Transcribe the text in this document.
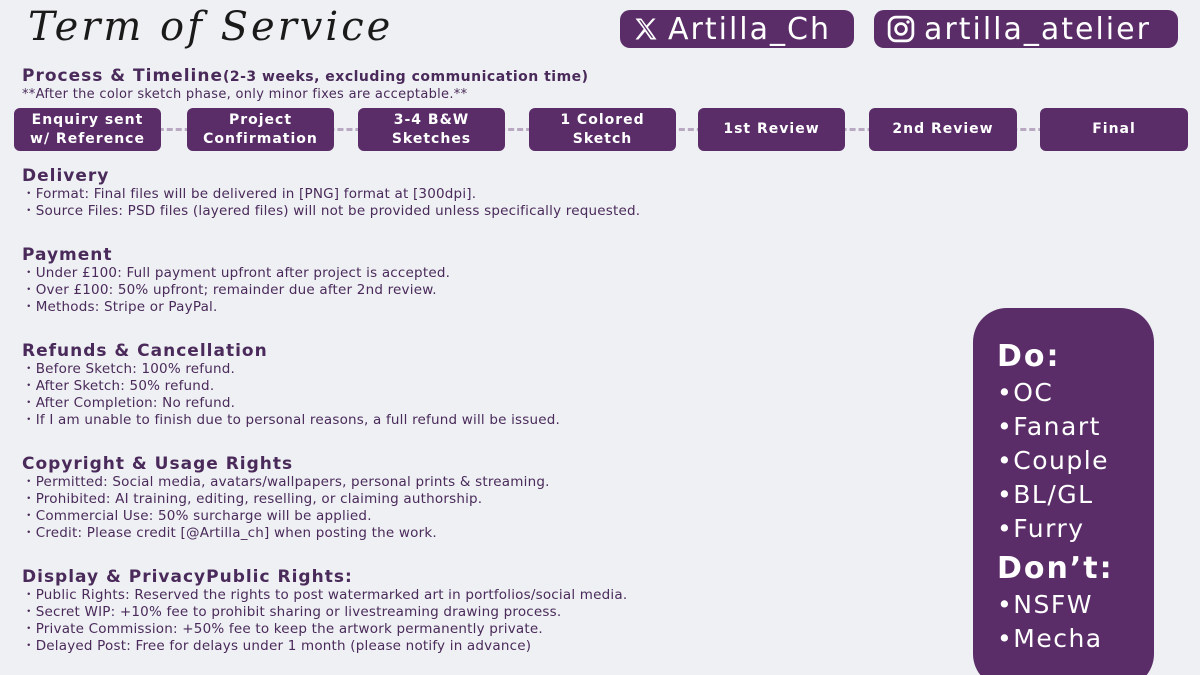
Term of Service	Artilla_Ch	artilla_atelier
Process & Timeline(2-3 weeks, excluding communication time)
**After the color sketch phase, only minor fixes are acceptable.**
Enquiry sent
w/ Reference
Project
Confirmation
3-4 B&W
Sketches
1 Colored
Sketch
1st Review	2nd Review	Final
Delivery
・Format: Final files will be delivered in [PNG] format at [300dpi].
・Source Files: PSD files (layered files) will not be provided unless specifically requested.
Payment
・Under £100: Full payment upfront after project is accepted.
・Over £100: 50% upfront; remainder due after 2nd review.
・Methods: Stripe or PayPal.
Refunds & Cancellation
・Before Sketch: 100% refund.
・After Sketch: 50% refund.
・After Completion: No refund.
・If I am unable to finish due to personal reasons, a full refund will be issued.
Copyright & Usage Rights
・Permitted: Social media, avatars/wallpapers, personal prints & streaming.
・Prohibited: AI training, editing, reselling, or claiming authorship.
・Commercial Use: 50% surcharge will be applied.
・Credit: Please credit [@Artilla_ch] when posting the work.
Display & PrivacyPublic Rights:
・Public Rights: Reserved the rights to post watermarked art in portfolios/social media.
・Secret WIP: +10% fee to prohibit sharing or livestreaming drawing process.
・Private Commission: +50% fee to keep the artwork permanently private.
・Delayed Post: Free for delays under 1 month (please notify in advance)
Do:
•OC
•Fanart
•Couple
•BL/GL
•Furry
Don’t:
•NSFW
•Mecha
